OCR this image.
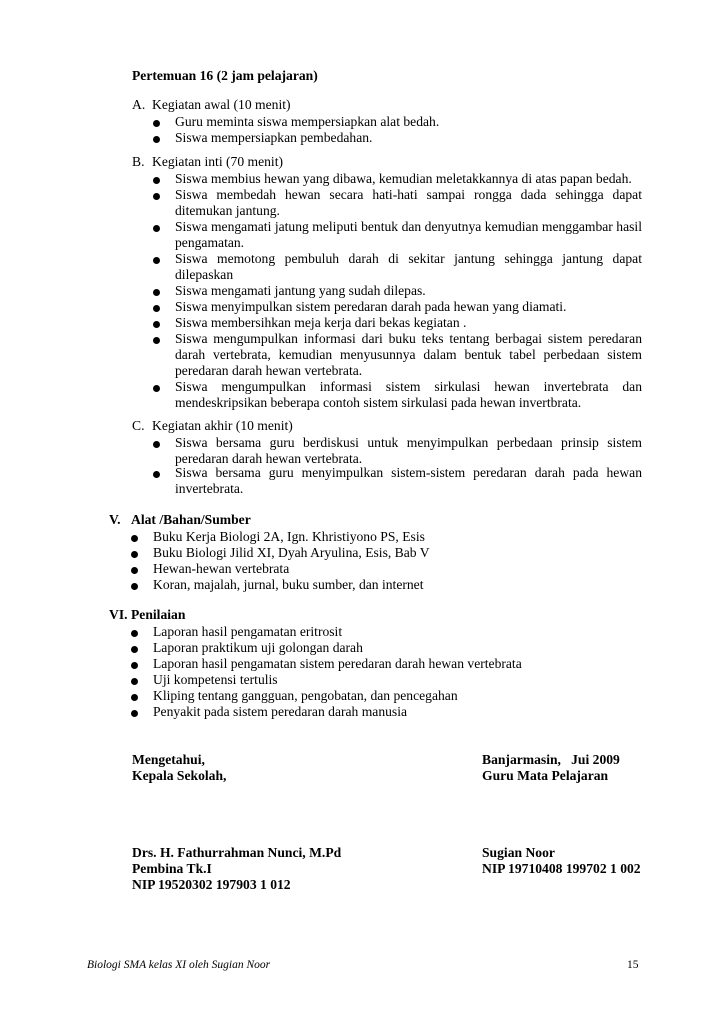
Pertemuan 16 (2 jam pelajaran)
A. Kegiatan awal (10 menit)
Guru meminta siswa mempersiapkan alat bedah.
Siswa mempersiapkan pembedahan.
B. Kegiatan inti (70 menit)
Siswa membius hewan yang dibawa, kemudian meletakkannya di atas papan bedah.
Siswa membedah hewan secara hati-hati sampai rongga dada sehingga dapat
ditemukan jantung.
Siswa mengamati jatung meliputi bentuk dan denyutnya kemudian menggambar hasil
pengamatan.
Siswa memotong pembuluh darah di sekitar jantung sehingga jantung dapat
dilepaskan
Siswa mengamati jantung yang sudah dilepas.
Siswa menyimpulkan sistem peredaran darah pada hewan yang diamati.
Siswa membersihkan meja kerja dari bekas kegiatan .
Siswa mengumpulkan informasi dari buku teks tentang berbagai sistem peredaran
darah vertebrata, kemudian menyusunnya dalam bentuk tabel perbedaan sistem
peredaran darah hewan vertebrata.
Siswa mengumpulkan informasi sistem sirkulasi hewan invertebrata dan
mendeskripsikan beberapa contoh sistem sirkulasi pada hewan invertbrata.
C. Kegiatan akhir (10 menit)
Siswa bersama guru berdiskusi untuk menyimpulkan perbedaan prinsip sistem
peredaran darah hewan vertebrata.
Siswa bersama guru menyimpulkan sistem-sistem peredaran darah pada hewan
invertebrata.
V. Alat /Bahan/Sumber
Buku Kerja Biologi 2A, Ign. Khristiyono PS, Esis
Buku Biologi Jilid XI, Dyah Aryulina, Esis, Bab V
Hewan-hewan vertebrata
Koran, majalah, jurnal, buku sumber, dan internet
VI. Penilaian
Laporan hasil pengamatan eritrosit
Laporan praktikum uji golongan darah
Laporan hasil pengamatan sistem peredaran darah hewan vertebrata
Uji kompetensi tertulis
Kliping tentang gangguan, pengobatan, dan pencegahan
Penyakit pada sistem peredaran darah manusia
Mengetahui,
Kepala Sekolah,
Banjarmasin,   Jui 2009
Guru Mata Pelajaran
Drs. H. Fathurrahman Nunci, M.Pd
Pembina Tk.I
NIP 19520302 197903 1 012
Sugian Noor
NIP 19710408 199702 1 002
Biologi SMA kelas XI oleh Sugian Noor	15
